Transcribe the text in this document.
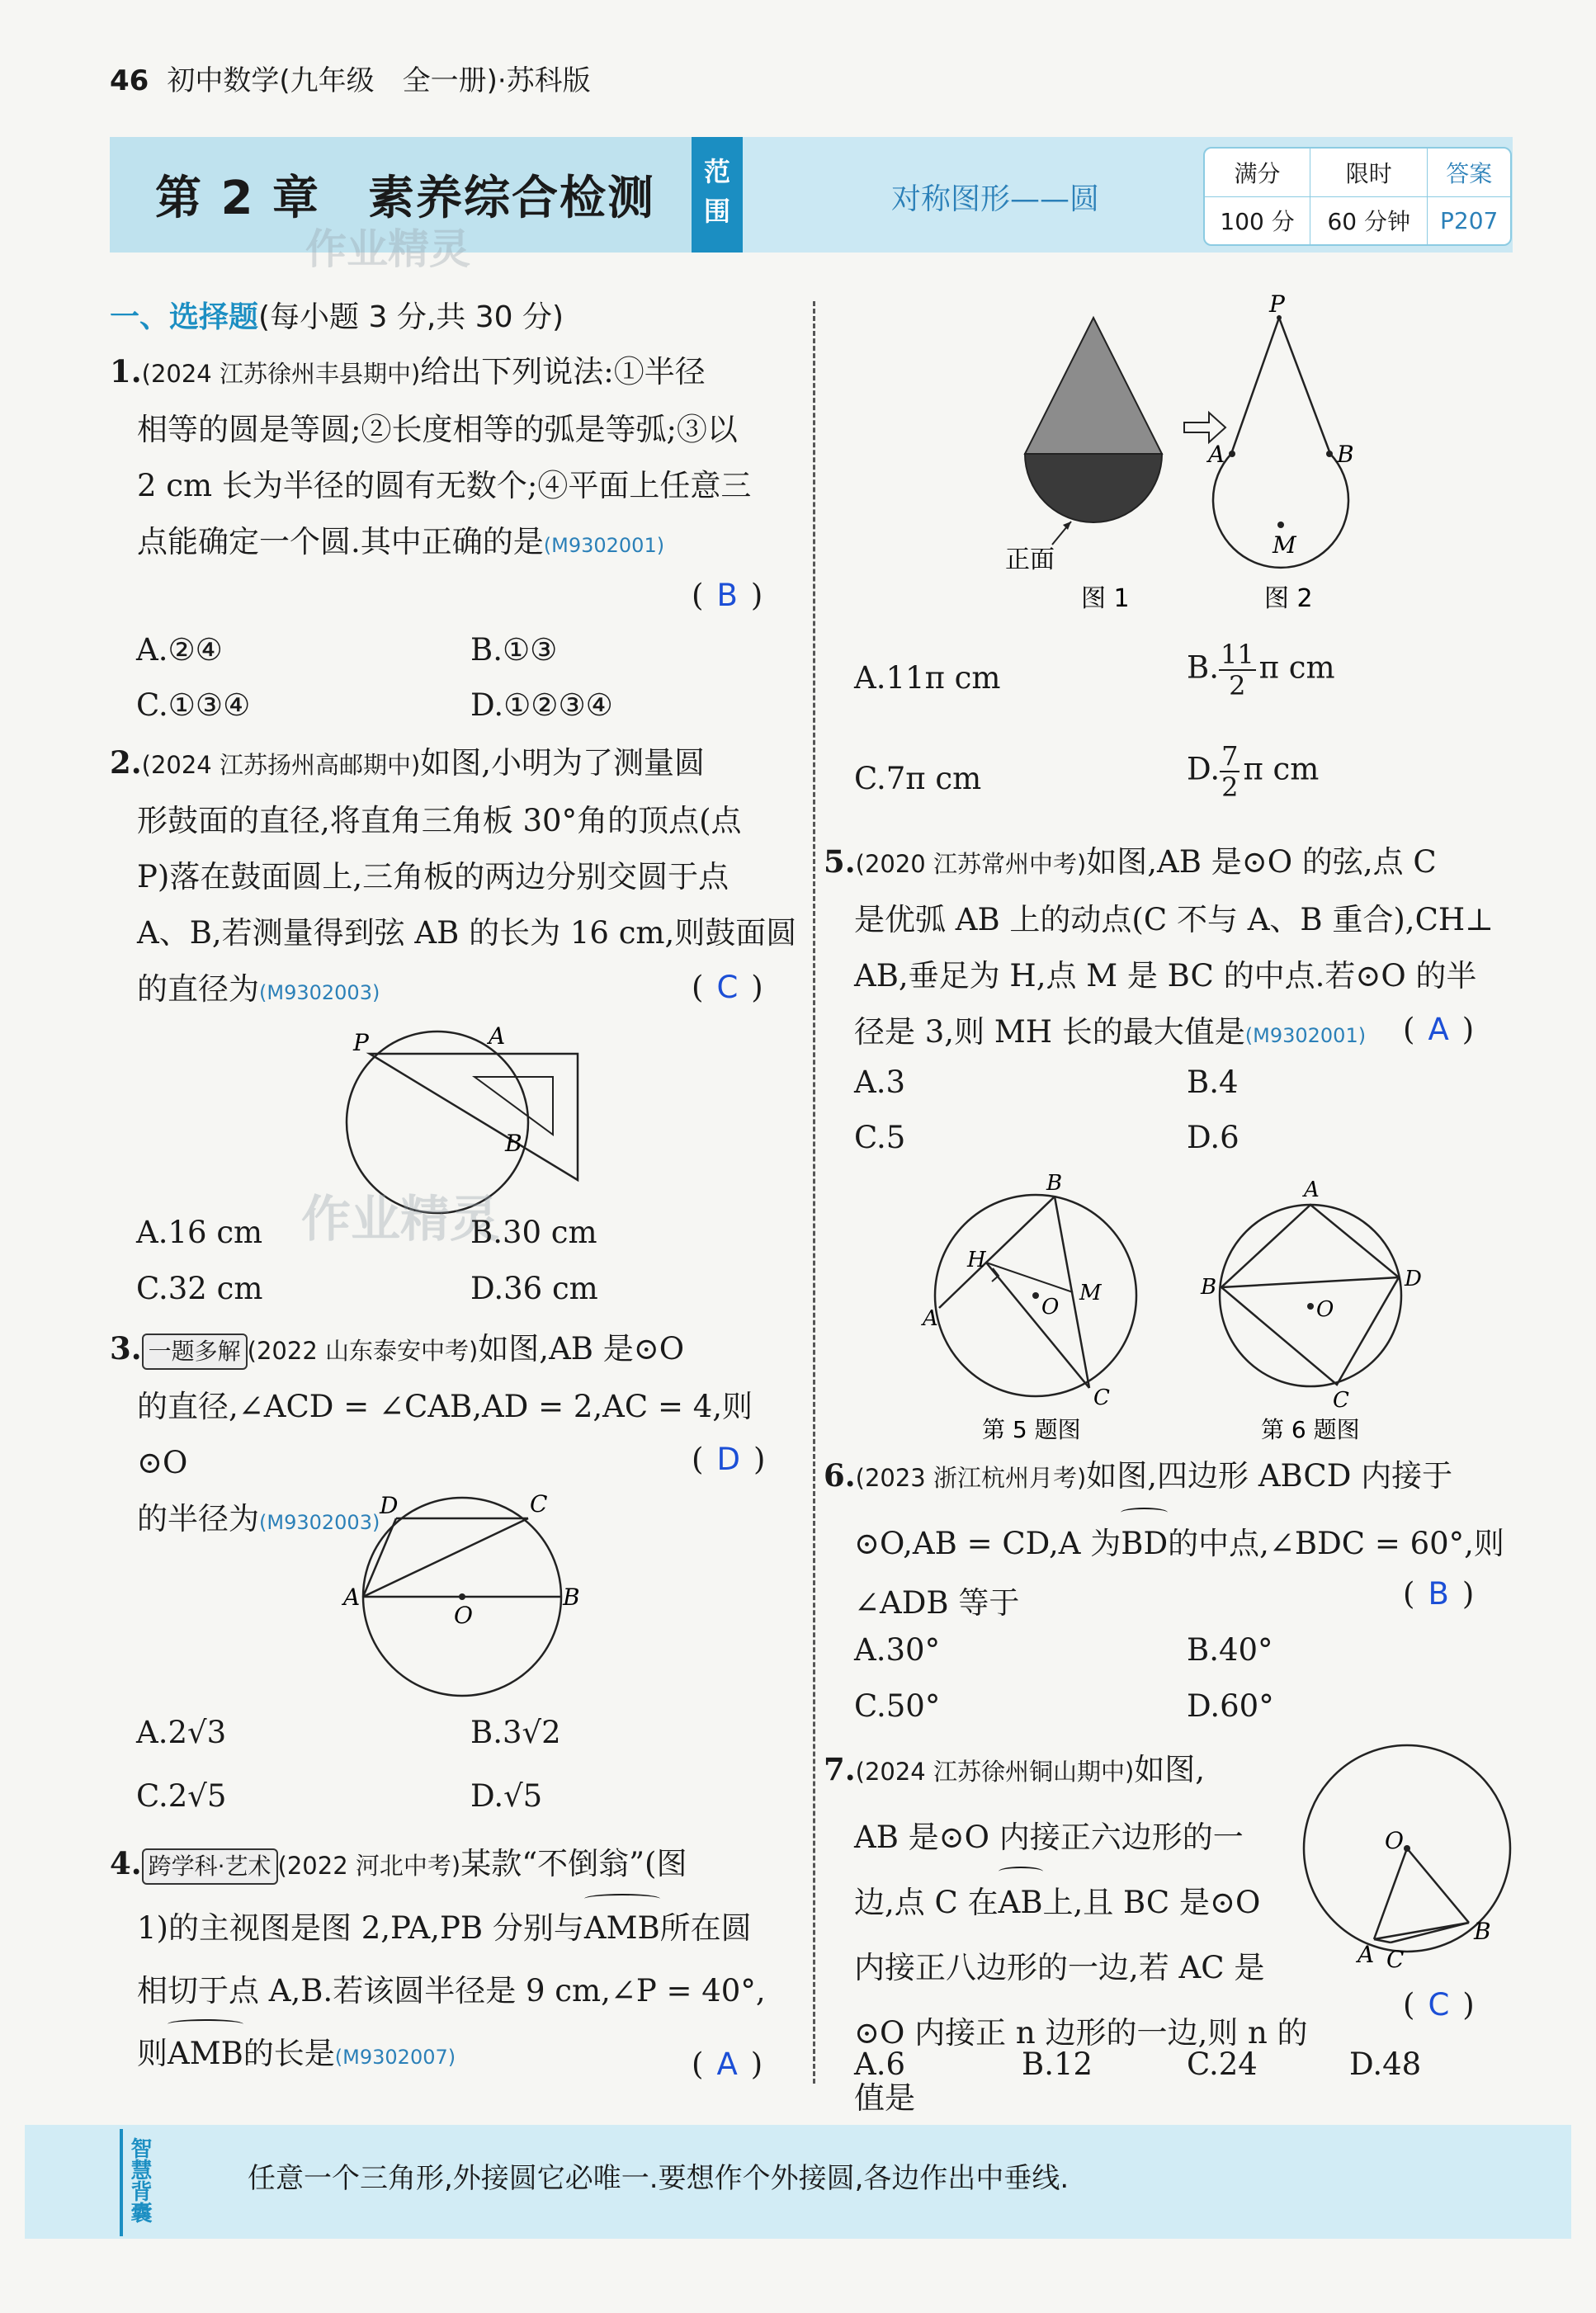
46 初中数学(九年级　全一册)·苏科版
第 2 章　素养综合检测
作业精灵
范围	对称图形——圆
满分	限时	答案
100 分	60 分钟	P207
一、选择题(每小题 3 分,共 30 分)
1.(2024 江苏徐州丰县期中)给出下列说法:①半径
相等的圆是等圆;②长度相等的弧是等弧;③以
2 cm 长为半径的圆有无数个;④平面上任意三
点能确定一个圆.其中正确的是(M9302001)
( B )
A.②④	B.①③
C.①③④	D.①②③④
2.(2024 江苏扬州高邮期中)如图,小明为了测量圆
形鼓面的直径,将直角三角板 30°角的顶点(点
P)落在鼓面圆上,三角板的两边分别交圆于点
A、B,若测量得到弦 AB 的长为 16 cm,则鼓面圆
的直径为(M9302003)	( C )
P	A
B
作业精灵
A.16 cm	B.30 cm
C.32 cm	D.36 cm
3. 一题多解 (2022 山东泰安中考)如图,AB 是⊙O
的直径,∠ACD = ∠CAB,AD = 2,AC = 4,则⊙O
的半径为(M9302003)
( D )
D	C
A
O
B
A.2√3	B.3√2
C.2√5	D.√5
4. 跨学科·艺术 (2022 河北中考)某款“不倒翁”(图
1)的主视图是图 2,PA,PB 分别与AMB所在圆
相切于点 A,B.若该圆半径是 9 cm,∠P = 40°,
则AMB的长是(M9302007)	( A )
正面
图 1
P
A	B
M
图 2
A.11π cm	B. $\frac{11}{2}$ π cm
C.7π cm	D. $\frac{7}{2}$ π cm
5.(2020 江苏常州中考)如图,AB 是⊙O 的弦,点 C
是优弧 AB 上的动点(C 不与 A、B 重合),CH⊥
AB,垂足为 H,点 M 是 BC 的中点.若⊙O 的半
径是 3,则 MH 长的最大值是(M9302001)	( A )
A.3	B.4
C.5	D.6
B
H
A	O
M
C
第 5 题图
A
B
O
D
C
第 6 题图
6.(2023 浙江杭州月考)如图,四边形 ABCD 内接于
⊙O,AB = CD,A 为BD的中点,∠BDC = 60°,则
∠ADB 等于	( B )
A.30°	B.40°
C.50°	D.60°
7.(2024 江苏徐州铜山期中)如图,
AB 是⊙O 内接正六边形的一
边,点 C 在AB上,且 BC 是⊙O
内接正八边形的一边,若 AC 是
⊙O 内接正 n 边形的一边,则 n 的值是
( C )
O
B
A C
A.6	B.12	C.24	D.48
智慧背囊	任意一个三角形,外接圆它必唯一.要想作个外接圆,各边作出中垂线.
